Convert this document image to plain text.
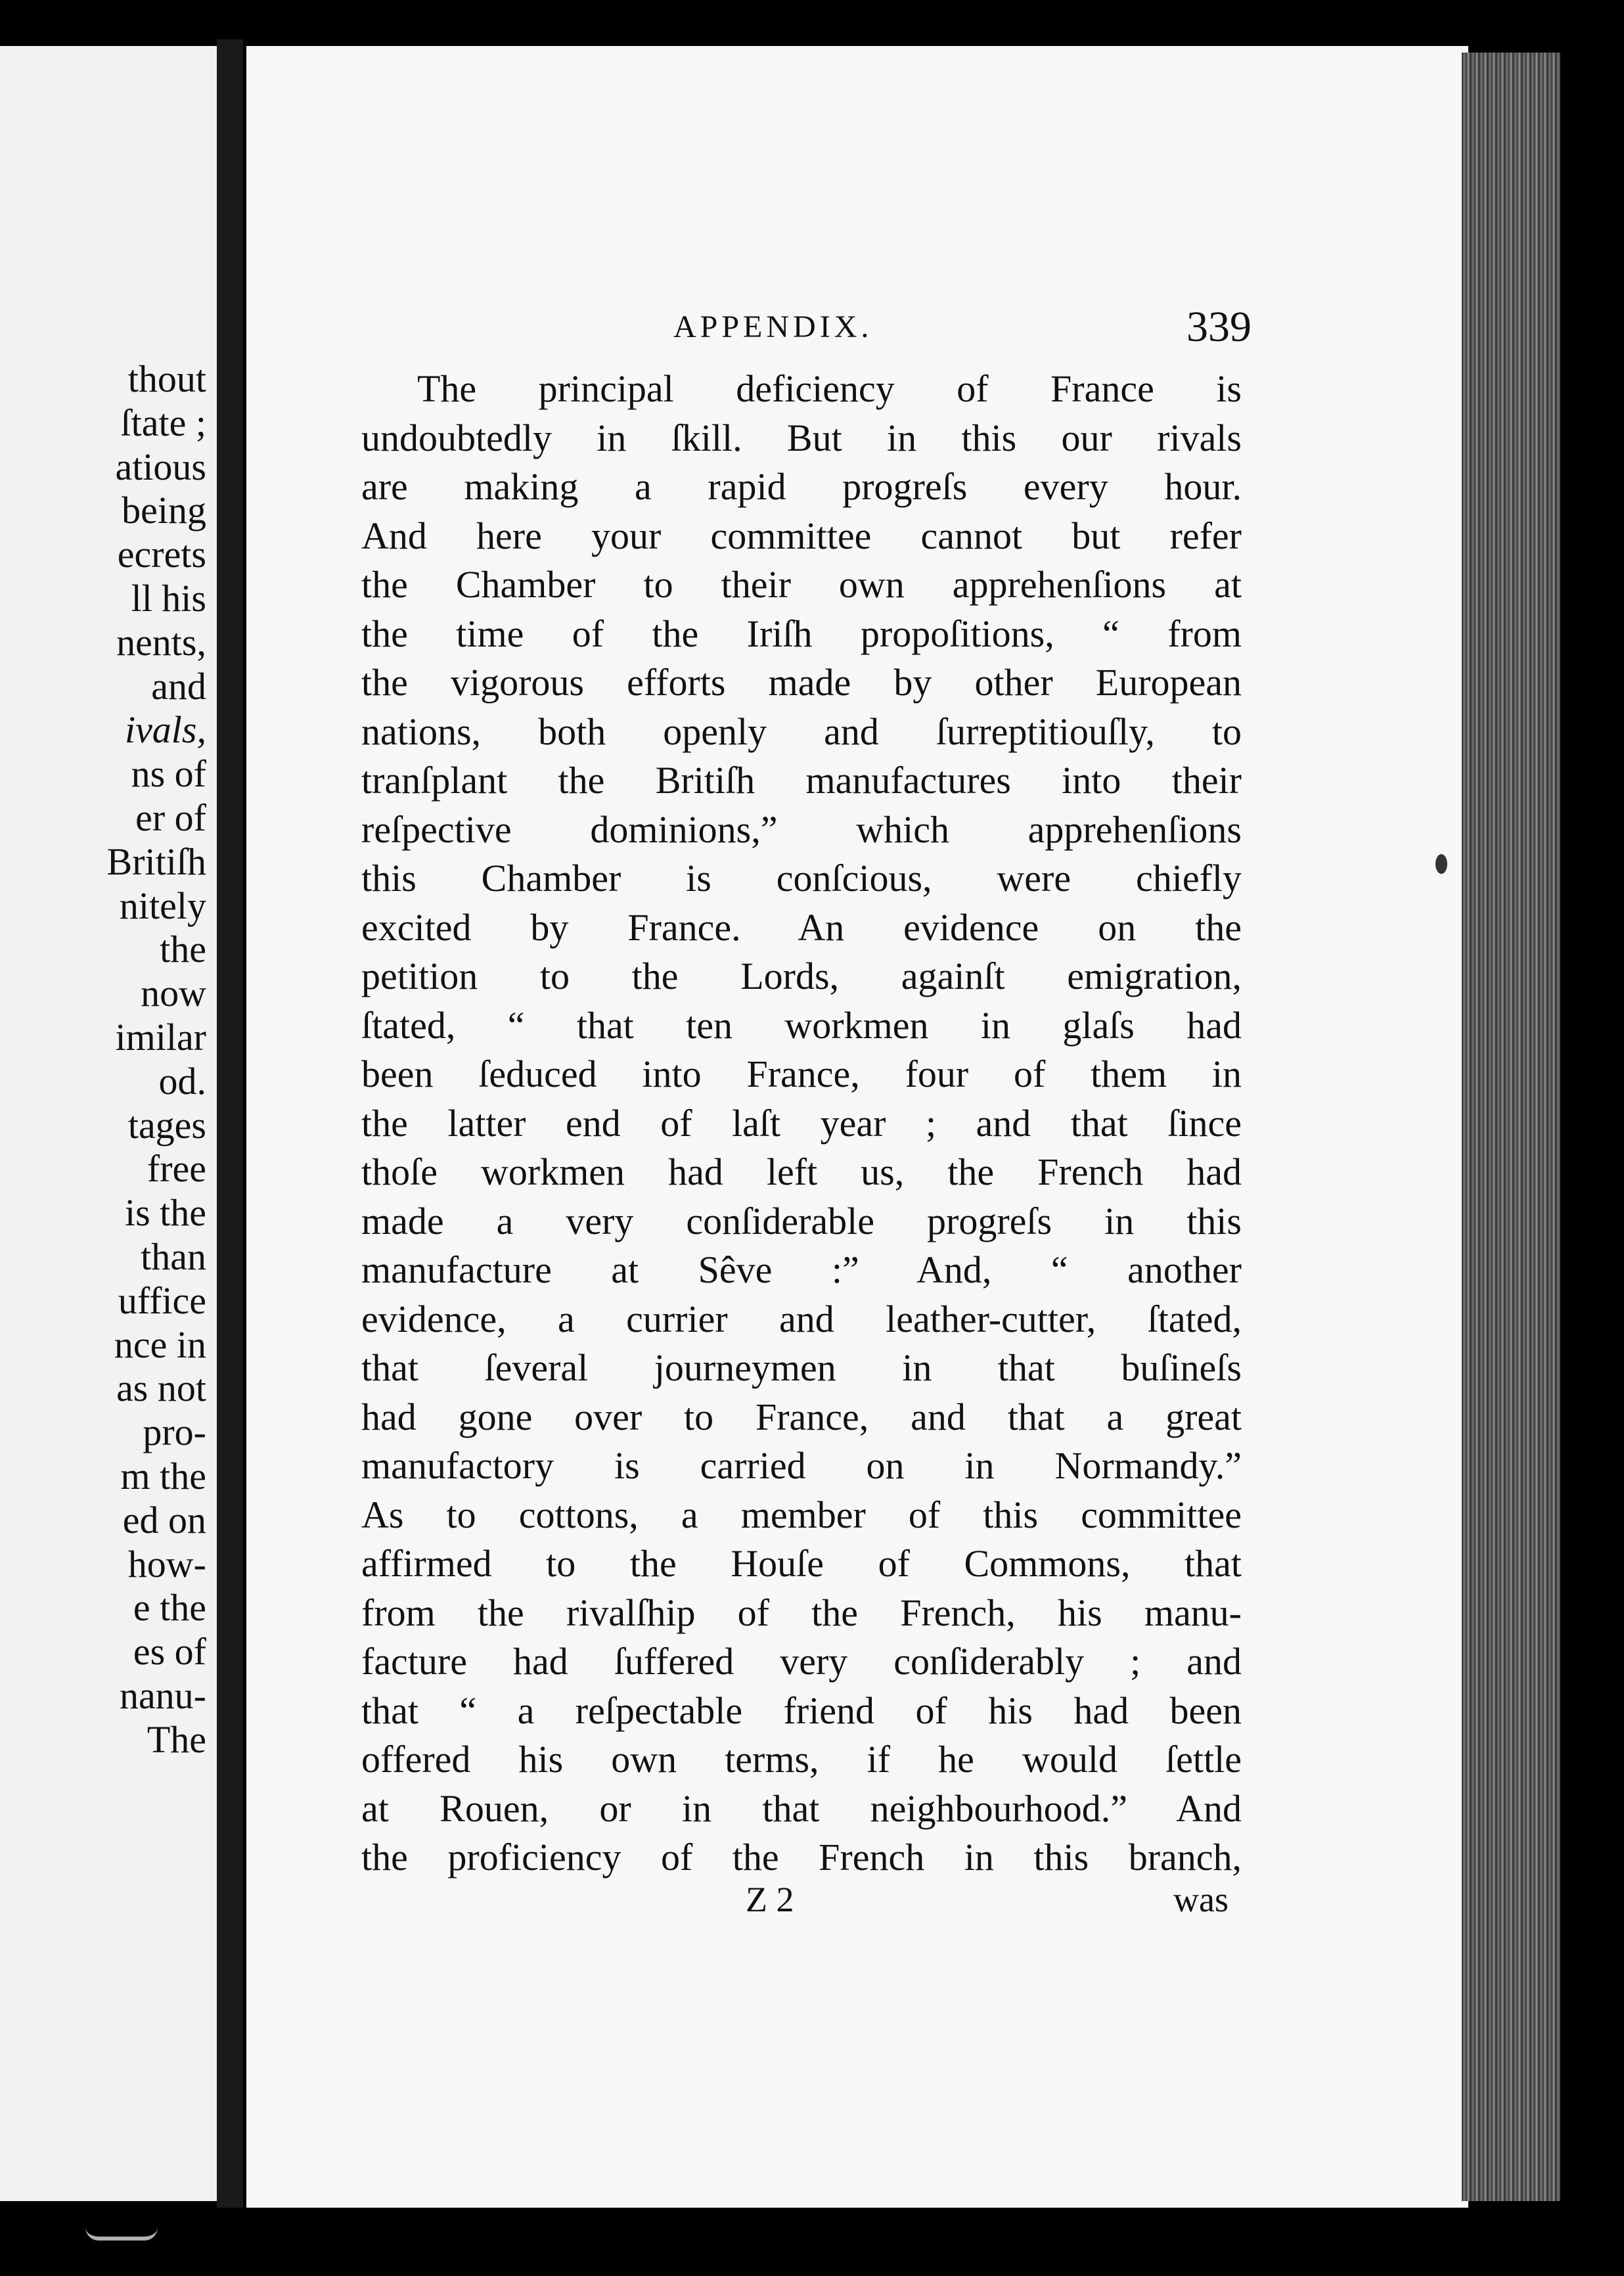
thout
ſtate ;
atious
being
ecrets
ll his
nents,
and
ivals,
ns of
er of
Britiſh
nitely
the
now
imilar
od.
tages
free
is the
than
uffice
nce in
as not
pro-
m the
ed on
how-
e the
es of
nanu-
The
APPENDIX.	339
The principal deficiency of France is
undoubtedly in ſkill. But in this our rivals
are making a rapid progreſs every hour.
And here your committee cannot but refer
the Chamber to their own apprehenſions at
the time of the Iriſh propoſitions, “ from
the vigorous efforts made by other European
nations, both openly and ſurreptitiouſly, to
tranſplant the Britiſh manufactures into their
reſpective dominions,” which apprehenſions
this Chamber is conſcious, were chiefly
excited by France. An evidence on the
petition to the Lords, againſt emigration,
ſtated, “ that ten workmen in glaſs had
been ſeduced into France, four of them in
the latter end of laſt year ; and that ſince
thoſe workmen had left us, the French had
made a very conſiderable progreſs in this
manufacture at Sêve :” And, “ another
evidence, a currier and leather-cutter, ſtated,
that ſeveral journeymen in that buſineſs
had gone over to France, and that a great
manufactory is carried on in Normandy.”
As to cottons, a member of this committee
affirmed to the Houſe of Commons, that
from the rivalſhip of the French, his manu-
facture had ſuffered very conſiderably ; and
that “ a reſpectable friend of his had been
offered his own terms, if he would ſettle
at Rouen, or in that neighbourhood.” And
the proficiency of the French in this branch,
Z 2	was
